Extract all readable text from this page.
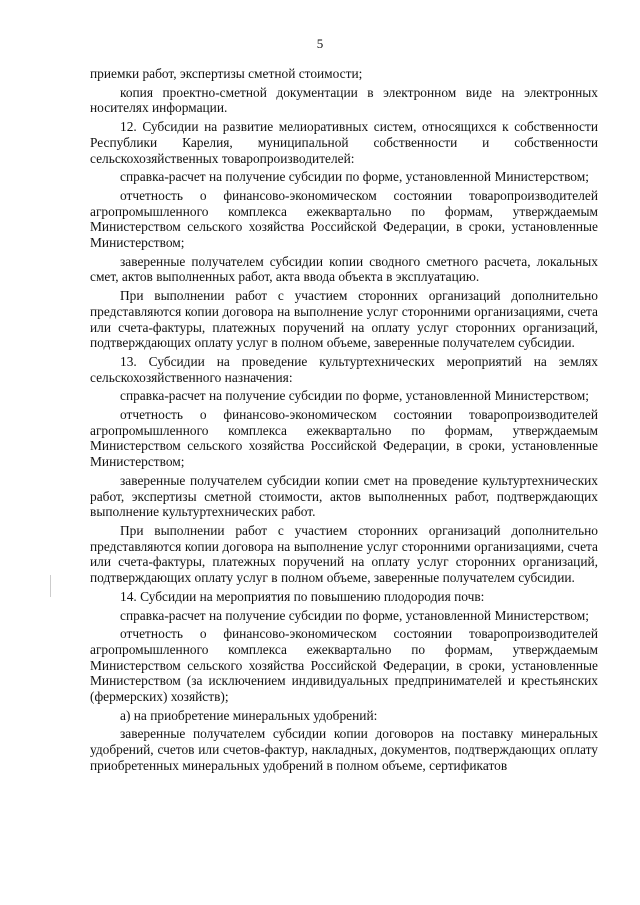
5

приемки работ, экспертизы сметной стоимости;

копия проектно-сметной документации в электронном виде на электронных носителях информации.

12. Субсидии на развитие мелиоративных систем, относящихся к собственности Республики Карелия, муниципальной собственности и собственности сельскохозяйственных товаропроизводителей:

справка-расчет на получение субсидии по форме, установленной Министерством;

отчетность о финансово-экономическом состоянии товаропроизводителей агропромышленного комплекса ежеквартально по формам, утверждаемым Министерством сельского хозяйства Российской Федерации, в сроки, установленные Министерством;

заверенные получателем субсидии копии сводного сметного расчета, локальных смет, актов выполненных работ, акта ввода объекта в эксплуатацию.

При выполнении работ с участием сторонних организаций дополнительно представляются копии договора на выполнение услуг сторонними организациями, счета или счета-фактуры, платежных поручений на оплату услуг сторонних организаций, подтверждающих оплату услуг в полном объеме, заверенные получателем субсидии.

13. Субсидии на проведение культуртехнических мероприятий на землях сельскохозяйственного назначения:

справка-расчет на получение субсидии по форме, установленной Министерством;

отчетность о финансово-экономическом состоянии товаропроизводителей агропромышленного комплекса ежеквартально по формам, утверждаемым Министерством сельского хозяйства Российской Федерации, в сроки, установленные Министерством;

заверенные получателем субсидии копии смет на проведение культуртехнических работ, экспертизы сметной стоимости, актов выполненных работ, подтверждающих выполнение культуртехнических работ.

При выполнении работ с участием сторонних организаций дополнительно представляются копии договора на выполнение услуг сторонними организациями, счета или счета-фактуры, платежных поручений на оплату услуг сторонних организаций, подтверждающих оплату услуг в полном объеме, заверенные получателем субсидии.

14. Субсидии на мероприятия по повышению плодородия почв:

справка-расчет на получение субсидии по форме, установленной Министерством;

отчетность о финансово-экономическом состоянии товаропроизводителей агропромышленного комплекса ежеквартально по формам, утверждаемым Министерством сельского хозяйства Российской Федерации, в сроки, установленные Министерством (за исключением индивидуальных предпринимателей и крестьянских (фермерских) хозяйств);

а) на приобретение минеральных удобрений:

заверенные получателем субсидии копии договоров на поставку минеральных удобрений, счетов или счетов-фактур, накладных, документов, подтверждающих оплату приобретенных минеральных удобрений в полном объеме, сертификатов
